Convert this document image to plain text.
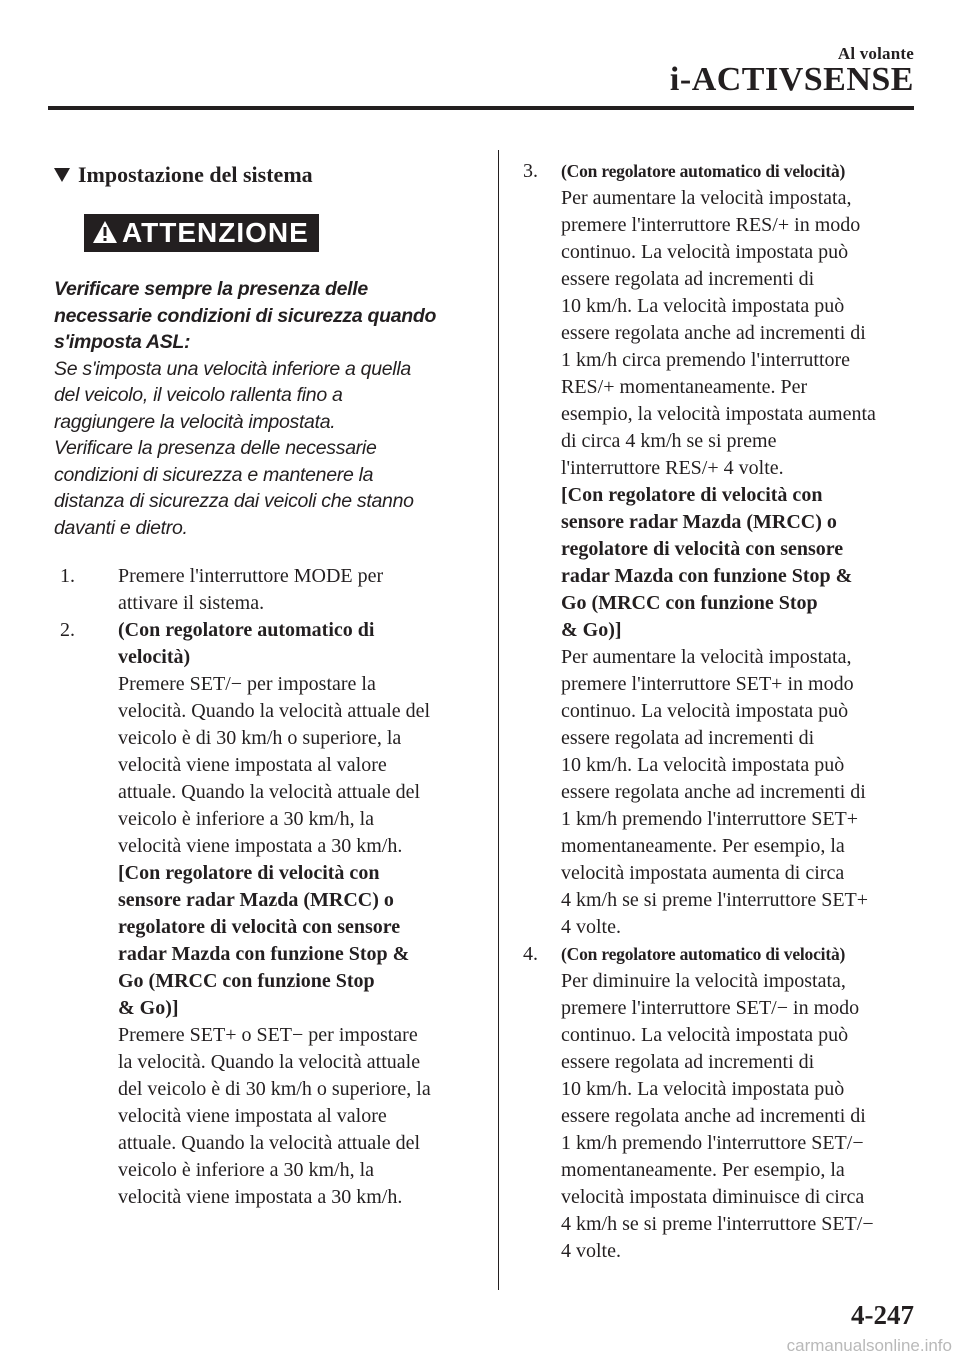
Al volante
i-ACTIVSENSE
Impostazione del sistema
ATTENZIONE
Verificare sempre la presenza delle
necessarie condizioni di sicurezza quando
s'imposta ASL:
Se s'imposta una velocità inferiore a quella
del veicolo, il veicolo rallenta fino a
raggiungere la velocità impostata.
Verificare la presenza delle necessarie
condizioni di sicurezza e mantenere la
distanza di sicurezza dai veicoli che stanno
davanti e dietro.
1. Premere l'interruttore MODE per
attivare il sistema.
2. (Con regolatore automatico di
velocità)
Premere SET/− per impostare la
velocità. Quando la velocità attuale del
veicolo è di 30 km/h o superiore, la
velocità viene impostata al valore
attuale. Quando la velocità attuale del
veicolo è inferiore a 30 km/h, la
velocità viene impostata a 30 km/h.
[Con regolatore di velocità con
sensore radar Mazda (MRCC) o
regolatore di velocità con sensore
radar Mazda con funzione Stop &
Go (MRCC con funzione Stop
& Go)]
Premere SET+ o SET− per impostare
la velocità. Quando la velocità attuale
del veicolo è di 30 km/h o superiore, la
velocità viene impostata al valore
attuale. Quando la velocità attuale del
veicolo è inferiore a 30 km/h, la
velocità viene impostata a 30 km/h.
3. (Con regolatore automatico di velocità)
Per aumentare la velocità impostata,
premere l'interruttore RES/+ in modo
continuo. La velocità impostata può
essere regolata ad incrementi di
10 km/h. La velocità impostata può
essere regolata anche ad incrementi di
1 km/h circa premendo l'interruttore
RES/+ momentaneamente. Per
esempio, la velocità impostata aumenta
di circa 4 km/h se si preme
l'interruttore RES/+ 4 volte.
[Con regolatore di velocità con
sensore radar Mazda (MRCC) o
regolatore di velocità con sensore
radar Mazda con funzione Stop &
Go (MRCC con funzione Stop
& Go)]
Per aumentare la velocità impostata,
premere l'interruttore SET+ in modo
continuo. La velocità impostata può
essere regolata ad incrementi di
10 km/h. La velocità impostata può
essere regolata anche ad incrementi di
1 km/h premendo l'interruttore SET+
momentaneamente. Per esempio, la
velocità impostata aumenta di circa
4 km/h se si preme l'interruttore SET+
4 volte.
4. (Con regolatore automatico di velocità)
Per diminuire la velocità impostata,
premere l'interruttore SET/− in modo
continuo. La velocità impostata può
essere regolata ad incrementi di
10 km/h. La velocità impostata può
essere regolata anche ad incrementi di
1 km/h premendo l'interruttore SET/−
momentaneamente. Per esempio, la
velocità impostata diminuisce di circa
4 km/h se si preme l'interruttore SET/−
4 volte.
4-247
carmanualsonline.info
